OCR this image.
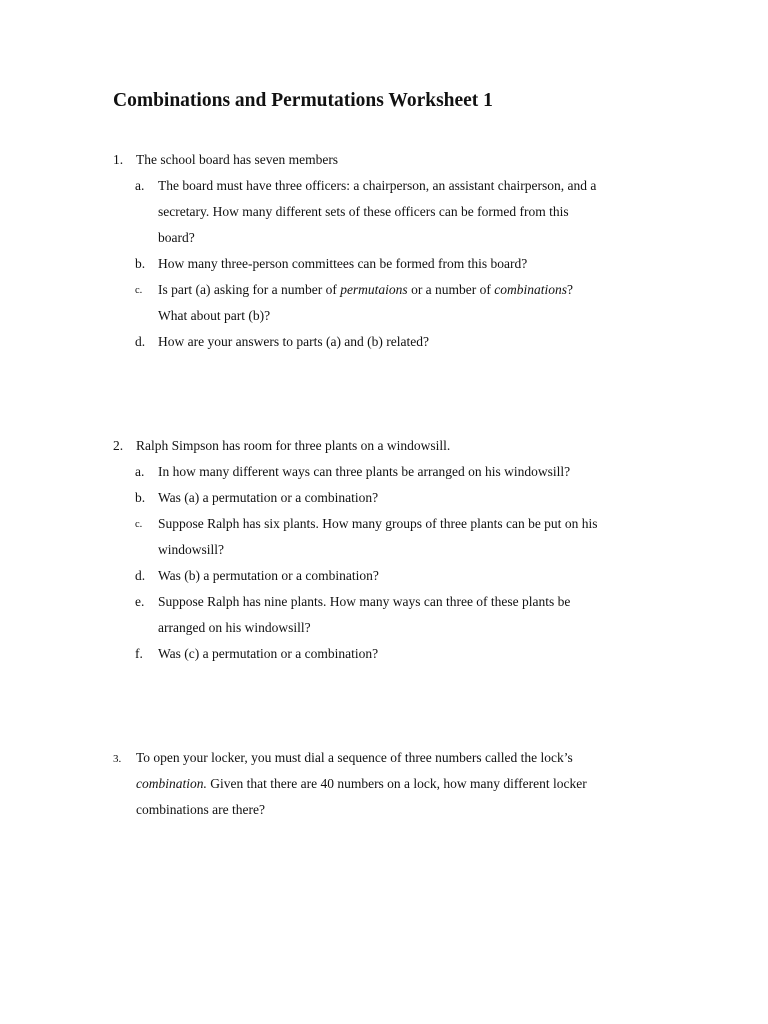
Combinations and Permutations Worksheet 1
1. The school board has seven members
a. The board must have three officers: a chairperson, an assistant chairperson, and a
secretary. How many different sets of these officers can be formed from this
board?
b. How many three-person committees can be formed from this board?
c. Is part (a) asking for a number of permutaions or a number of combinations?
What about part (b)?
d. How are your answers to parts (a) and (b) related?
2. Ralph Simpson has room for three plants on a windowsill.
a. In how many different ways can three plants be arranged on his windowsill?
b. Was (a) a permutation or a combination?
c. Suppose Ralph has six plants. How many groups of three plants can be put on his
windowsill?
d. Was (b) a permutation or a combination?
e. Suppose Ralph has nine plants. How many ways can three of these plants be
arranged on his windowsill?
f. Was (c) a permutation or a combination?
3. To open your locker, you must dial a sequence of three numbers called the lock’s
combination. Given that there are 40 numbers on a lock, how many different locker
combinations are there?
